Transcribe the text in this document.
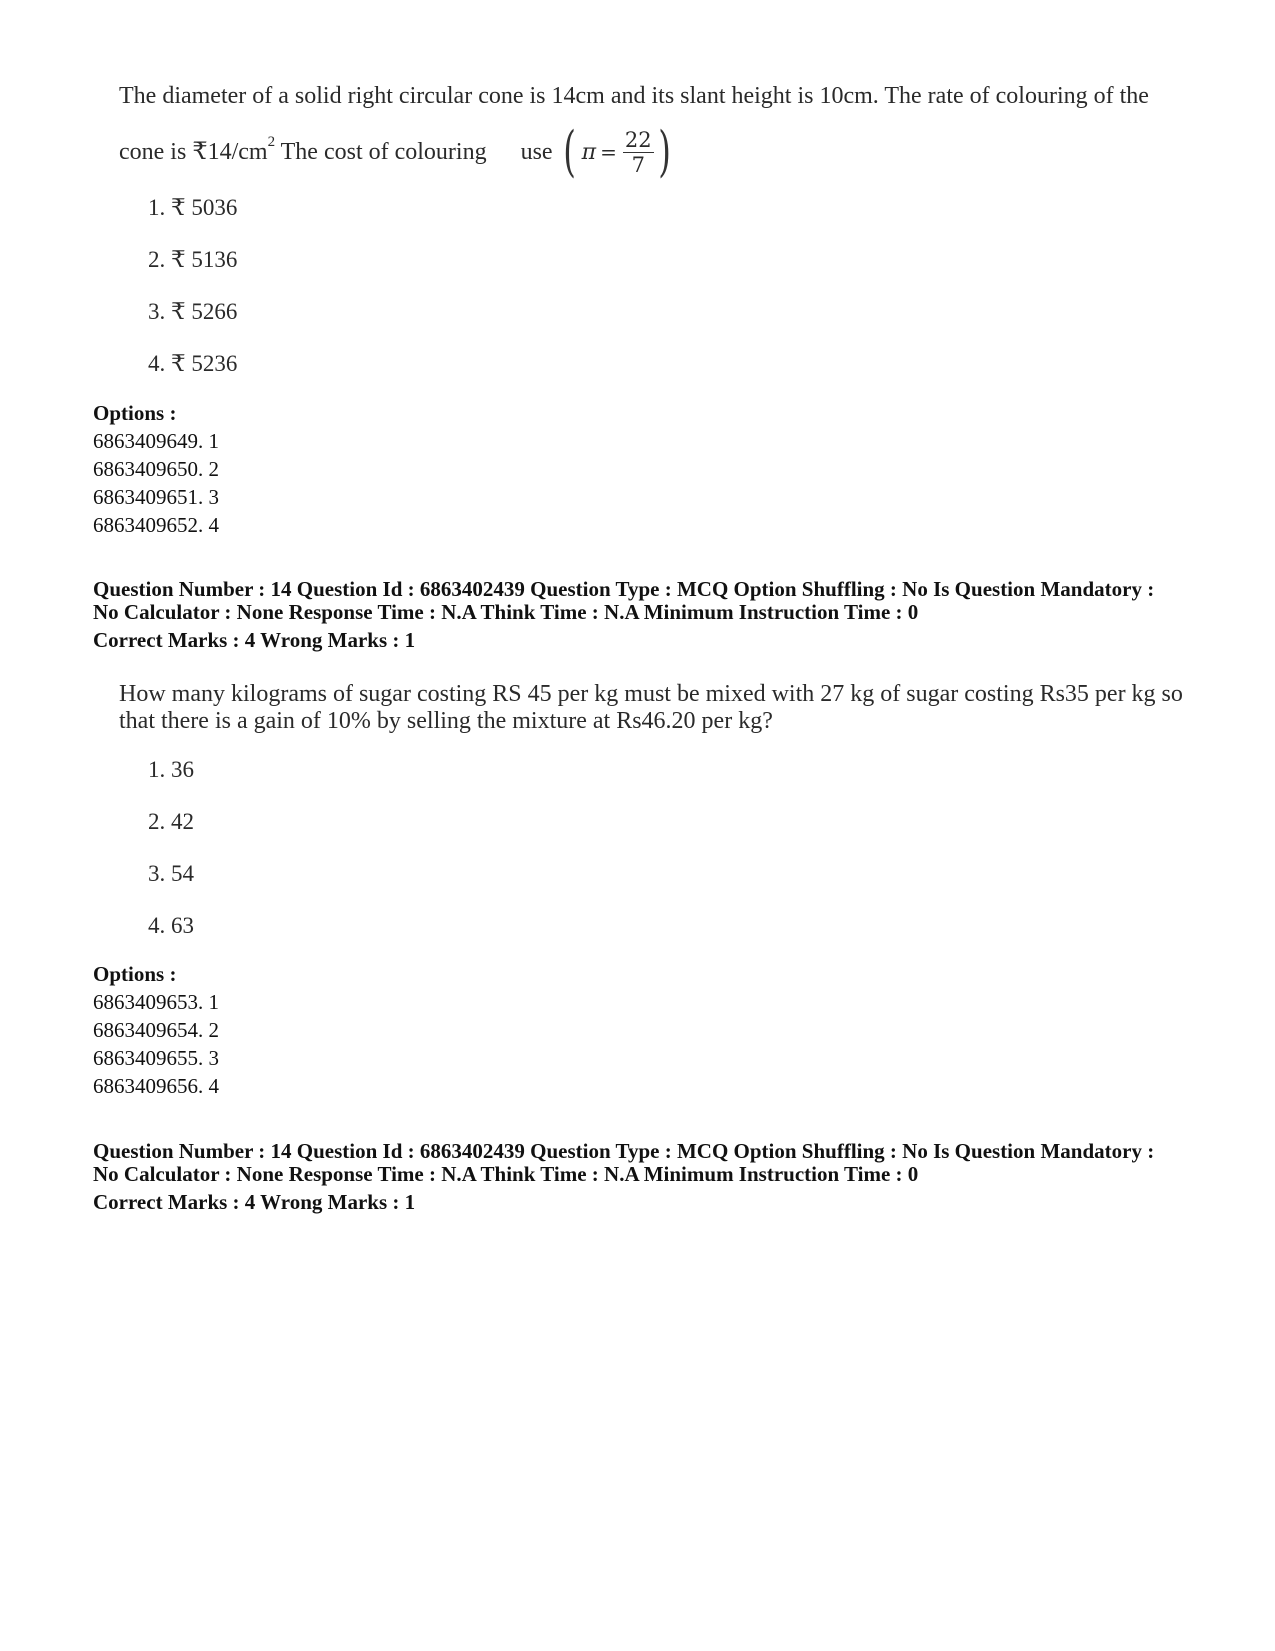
The diameter of a solid right circular cone is 14cm and its slant height is 10cm. The rate of colouring of the
cone is ₹14/cm 2 The cost of colouring use ( $\pi = \frac{22}{7}$ )
1. ₹ 5036
2. ₹ 5136
3. ₹ 5266
4. ₹ 5236
Options :
6863409649. 1
6863409650. 2
6863409651. 3
6863409652. 4
Question Number : 14 Question Id : 6863402439 Question Type : MCQ Option Shuffling : No Is Question Mandatory :
No Calculator : None Response Time : N.A Think Time : N.A Minimum Instruction Time : 0
Correct Marks : 4 Wrong Marks : 1
How many kilograms of sugar costing RS 45 per kg must be mixed with 27 kg of sugar costing Rs35 per kg so
that there is a gain of 10% by selling the mixture at Rs46.20 per kg?
1. 36
2. 42
3. 54
4. 63
Options :
6863409653. 1
6863409654. 2
6863409655. 3
6863409656. 4
Question Number : 14 Question Id : 6863402439 Question Type : MCQ Option Shuffling : No Is Question Mandatory :
No Calculator : None Response Time : N.A Think Time : N.A Minimum Instruction Time : 0
Correct Marks : 4 Wrong Marks : 1
